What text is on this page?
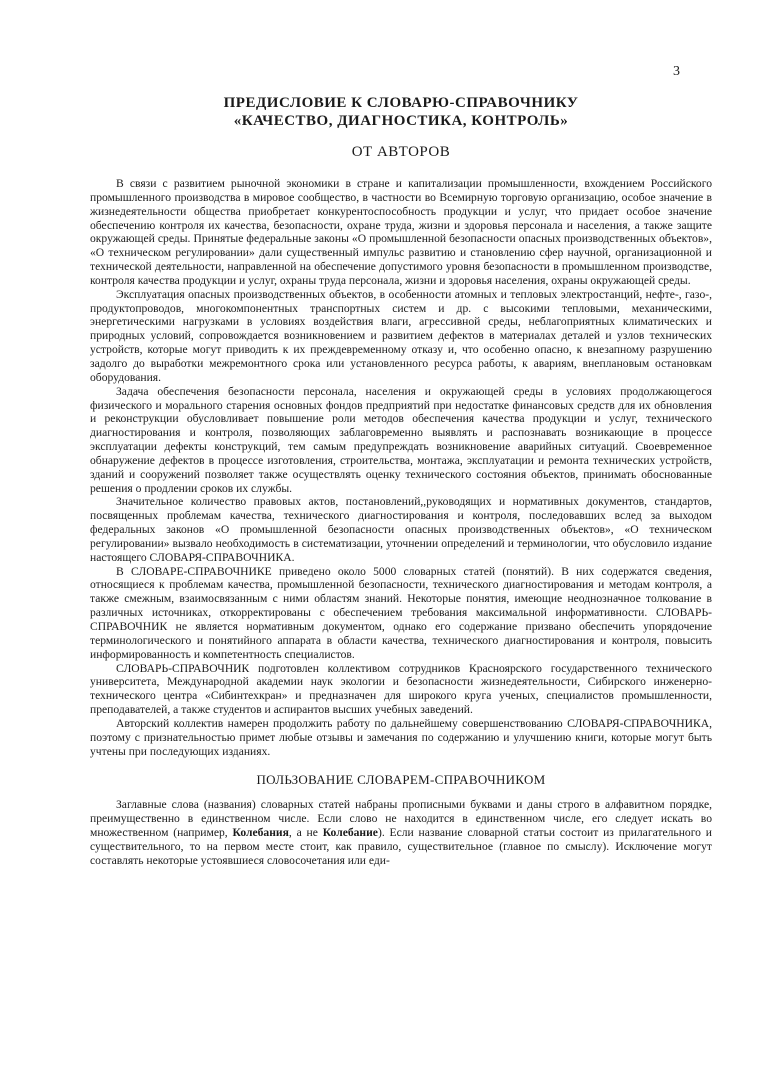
3
ПРЕДИСЛОВИЕ К СЛОВАРЮ-СПРАВОЧНИКУ
«КАЧЕСТВО, ДИАГНОСТИКА, КОНТРОЛЬ»
ОТ АВТОРОВ

В связи с развитием рыночной экономики в стране и капитализации промышленности, вхождением Российского промышленного производства в мировое сообщество, в частности во Всемирную торговую организацию, особое значение в жизнедеятельности общества приобретает конкурентоспособность продукции и услуг, что придает особое значение обеспечению контроля их качества, безопасности, охране труда, жизни и здоровья персонала и населения, а также защите окружающей среды. Принятые федеральные законы «О промышленной безопасности опасных производственных объектов», «О техническом регулировании» дали существенный импульс развитию и становлению сфер научной, организационной и технической деятельности, направленной на обеспечение допустимого уровня безопасности в промышленном производстве, контроля качества продукции и услуг, охраны труда персонала, жизни и здоровья населения, охраны окружающей среды.

Эксплуатация опасных производственных объектов, в особенности атомных и тепловых электростанций, нефте-, газо-, продуктопроводов, многокомпонентных транспортных систем и др. с высокими тепловыми, механическими, энергетическими нагрузками в условиях воздействия влаги, агрессивной среды, неблагоприятных климатических и природных условий, сопровождается возникновением и развитием дефектов в материалах деталей и узлов технических устройств, которые могут приводить к их преждевременному отказу и, что особенно опасно, к внезапному разрушению задолго до выработки межремонтного срока или установленного ресурса работы, к авариям, внеплановым остановкам оборудования.

Задача обеспечения безопасности персонала, населения и окружающей среды в условиях продолжающегося физического и морального старения основных фондов предприятий при недостатке финансовых средств для их обновления и реконструкции обусловливает повышение роли методов обеспечения качества продукции и услуг, технического диагностирования и контроля, позволяющих заблаговременно выявлять и распознавать возникающие в процессе эксплуатации дефекты конструкций, тем самым предупреждать возникновение аварийных ситуаций. Своевременное обнаружение дефектов в процессе изготовления, строительства, монтажа, эксплуатации и ремонта технических устройств, зданий и сооружений позволяет также осуществлять оценку технического состояния объектов, принимать обоснованные решения о продлении сроков их службы.

Значительное количество правовых актов, постановлений,,руководящих и нормативных документов, стандартов, посвященных проблемам качества, технического диагностирования и контроля, последовавших вслед за выходом федеральных законов «О промышленной безопасности опасных производственных объектов», «О техническом регулировании» вызвало необходимость в систематизации, уточнении определений и терминологии, что обусловило издание настоящего СЛОВАРЯ-СПРАВОЧНИКА.

В СЛОВАРЕ-СПРАВОЧНИКЕ приведено около 5000 словарных статей (понятий). В них содержатся сведения, относящиеся к проблемам качества, промышленной безопасности, технического диагностирования и методам контроля, а также смежным, взаимосвязанным с ними областям знаний. Некоторые понятия, имеющие неоднозначное толкование в различных источниках, откорректированы с обеспечением требования максимальной информативности. СЛОВАРЬ-СПРАВОЧНИК не является нормативным документом, однако его содержание призвано обеспечить упорядочение терминологического и понятийного аппарата в области качества, технического диагностирования и контроля, повысить информированность и компетентность специалистов.

СЛОВАРЬ-СПРАВОЧНИК подготовлен коллективом сотрудников Красноярского государственного технического университета, Международной академии наук экологии и безопасности жизнедеятельности, Сибирского инженерно-технического центра «Сибинтехкран» и предназначен для широкого круга ученых, специалистов промышленности, преподавателей, а также студентов и аспирантов высших учебных заведений.

Авторский коллектив намерен продолжить работу по дальнейшему совершенствованию СЛОВАРЯ-СПРАВОЧНИКА, поэтому с признательностью примет любые отзывы и замечания по содержанию и улучшению книги, которые могут быть учтены при последующих изданиях.

ПОЛЬЗОВАНИЕ СЛОВАРЕМ-СПРАВОЧНИКОМ

Заглавные слова (названия) словарных статей набраны прописными буквами и даны строго в алфавитном порядке, преимущественно в единственном числе. Если слово не находится в единственном числе, его следует искать во множественном (например, Колебания, а не Колебание). Если название словарной статьи состоит из прилагательного и существительного, то на первом месте стоит, как правило, существительное (главное по смыслу). Исключение могут составлять некоторые устоявшиеся словосочетания или еди-
